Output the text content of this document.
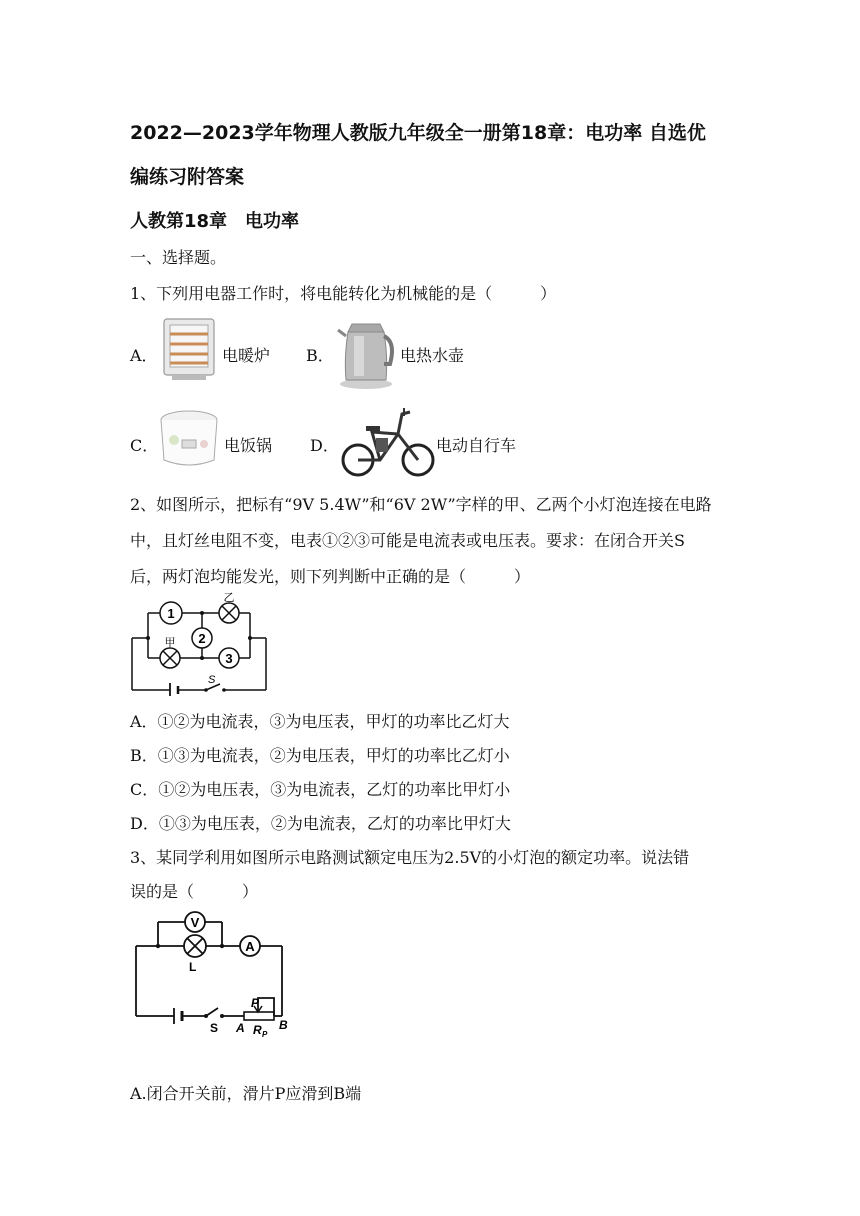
2022—2023学年物理人教版九年级全一册第18章：电功率 自选优
编练习附答案
人教第18章　电功率
一、选择题。
1、下列用电器工作时，将电能转化为机械能的是（　　　）
A．	电暖炉 B．	电热水壶
C．	电饭锅 D．	电动自行车
2、如图所示，把标有“9V 5.4W”和“6V 2W”字样的甲、乙两个小灯泡连接在电路
中，且灯丝电阻不变，电表①②③可能是电流表或电压表。要求：在闭合开关S
后，两灯泡均能发光，则下列判断中正确的是（　　　）
1
2
3
乙
甲
S
A．①②为电流表，③为电压表，甲灯的功率比乙灯大
B．①③为电流表，②为电压表，甲灯的功率比乙灯小
C．①②为电压表，③为电流表，乙灯的功率比甲灯小
D．①③为电压表，②为电流表，乙灯的功率比甲灯大
3、某同学利用如图所示电路测试额定电压为2.5V的小灯泡的额定功率。说法错
误的是（　　　）
V
A
L
S A	B
P
R P
A.闭合开关前，滑片P应滑到B端
